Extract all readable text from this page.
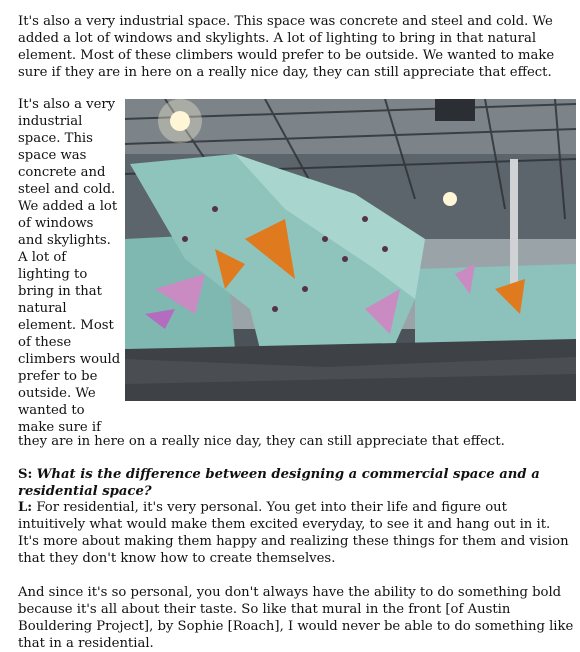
It's also a very industrial space. This space was concrete and steel and cold. We added a lot of windows and skylights. A lot of lighting to bring in that natural element. Most of these climbers would prefer to be outside. We wanted to make sure if they are in here on a really nice day, they can still appreciate that effect.

It's also a very industrial space. This space was concrete and steel and cold. We added a lot of windows and skylights. A lot of lighting to bring in that natural element. Most of these climbers would prefer to be outside. We wanted to make sure if

they are in here on a really nice day, they can still appreciate that effect.

S: What is the difference between designing a commercial space and a residential space?

L: For residential, it's very personal. You get into their life and figure out intuitively what would make them excited everyday, to see it and hang out in it. It's more about making them happy and realizing these things for them and vision that they don't know how to create themselves.

And since it's so personal, you don't always have the ability to do something bold because it's all about their taste. So like that mural in the front [of Austin Bouldering Project], by Sophie [Roach], I would never be able to do something like that in a residential.
